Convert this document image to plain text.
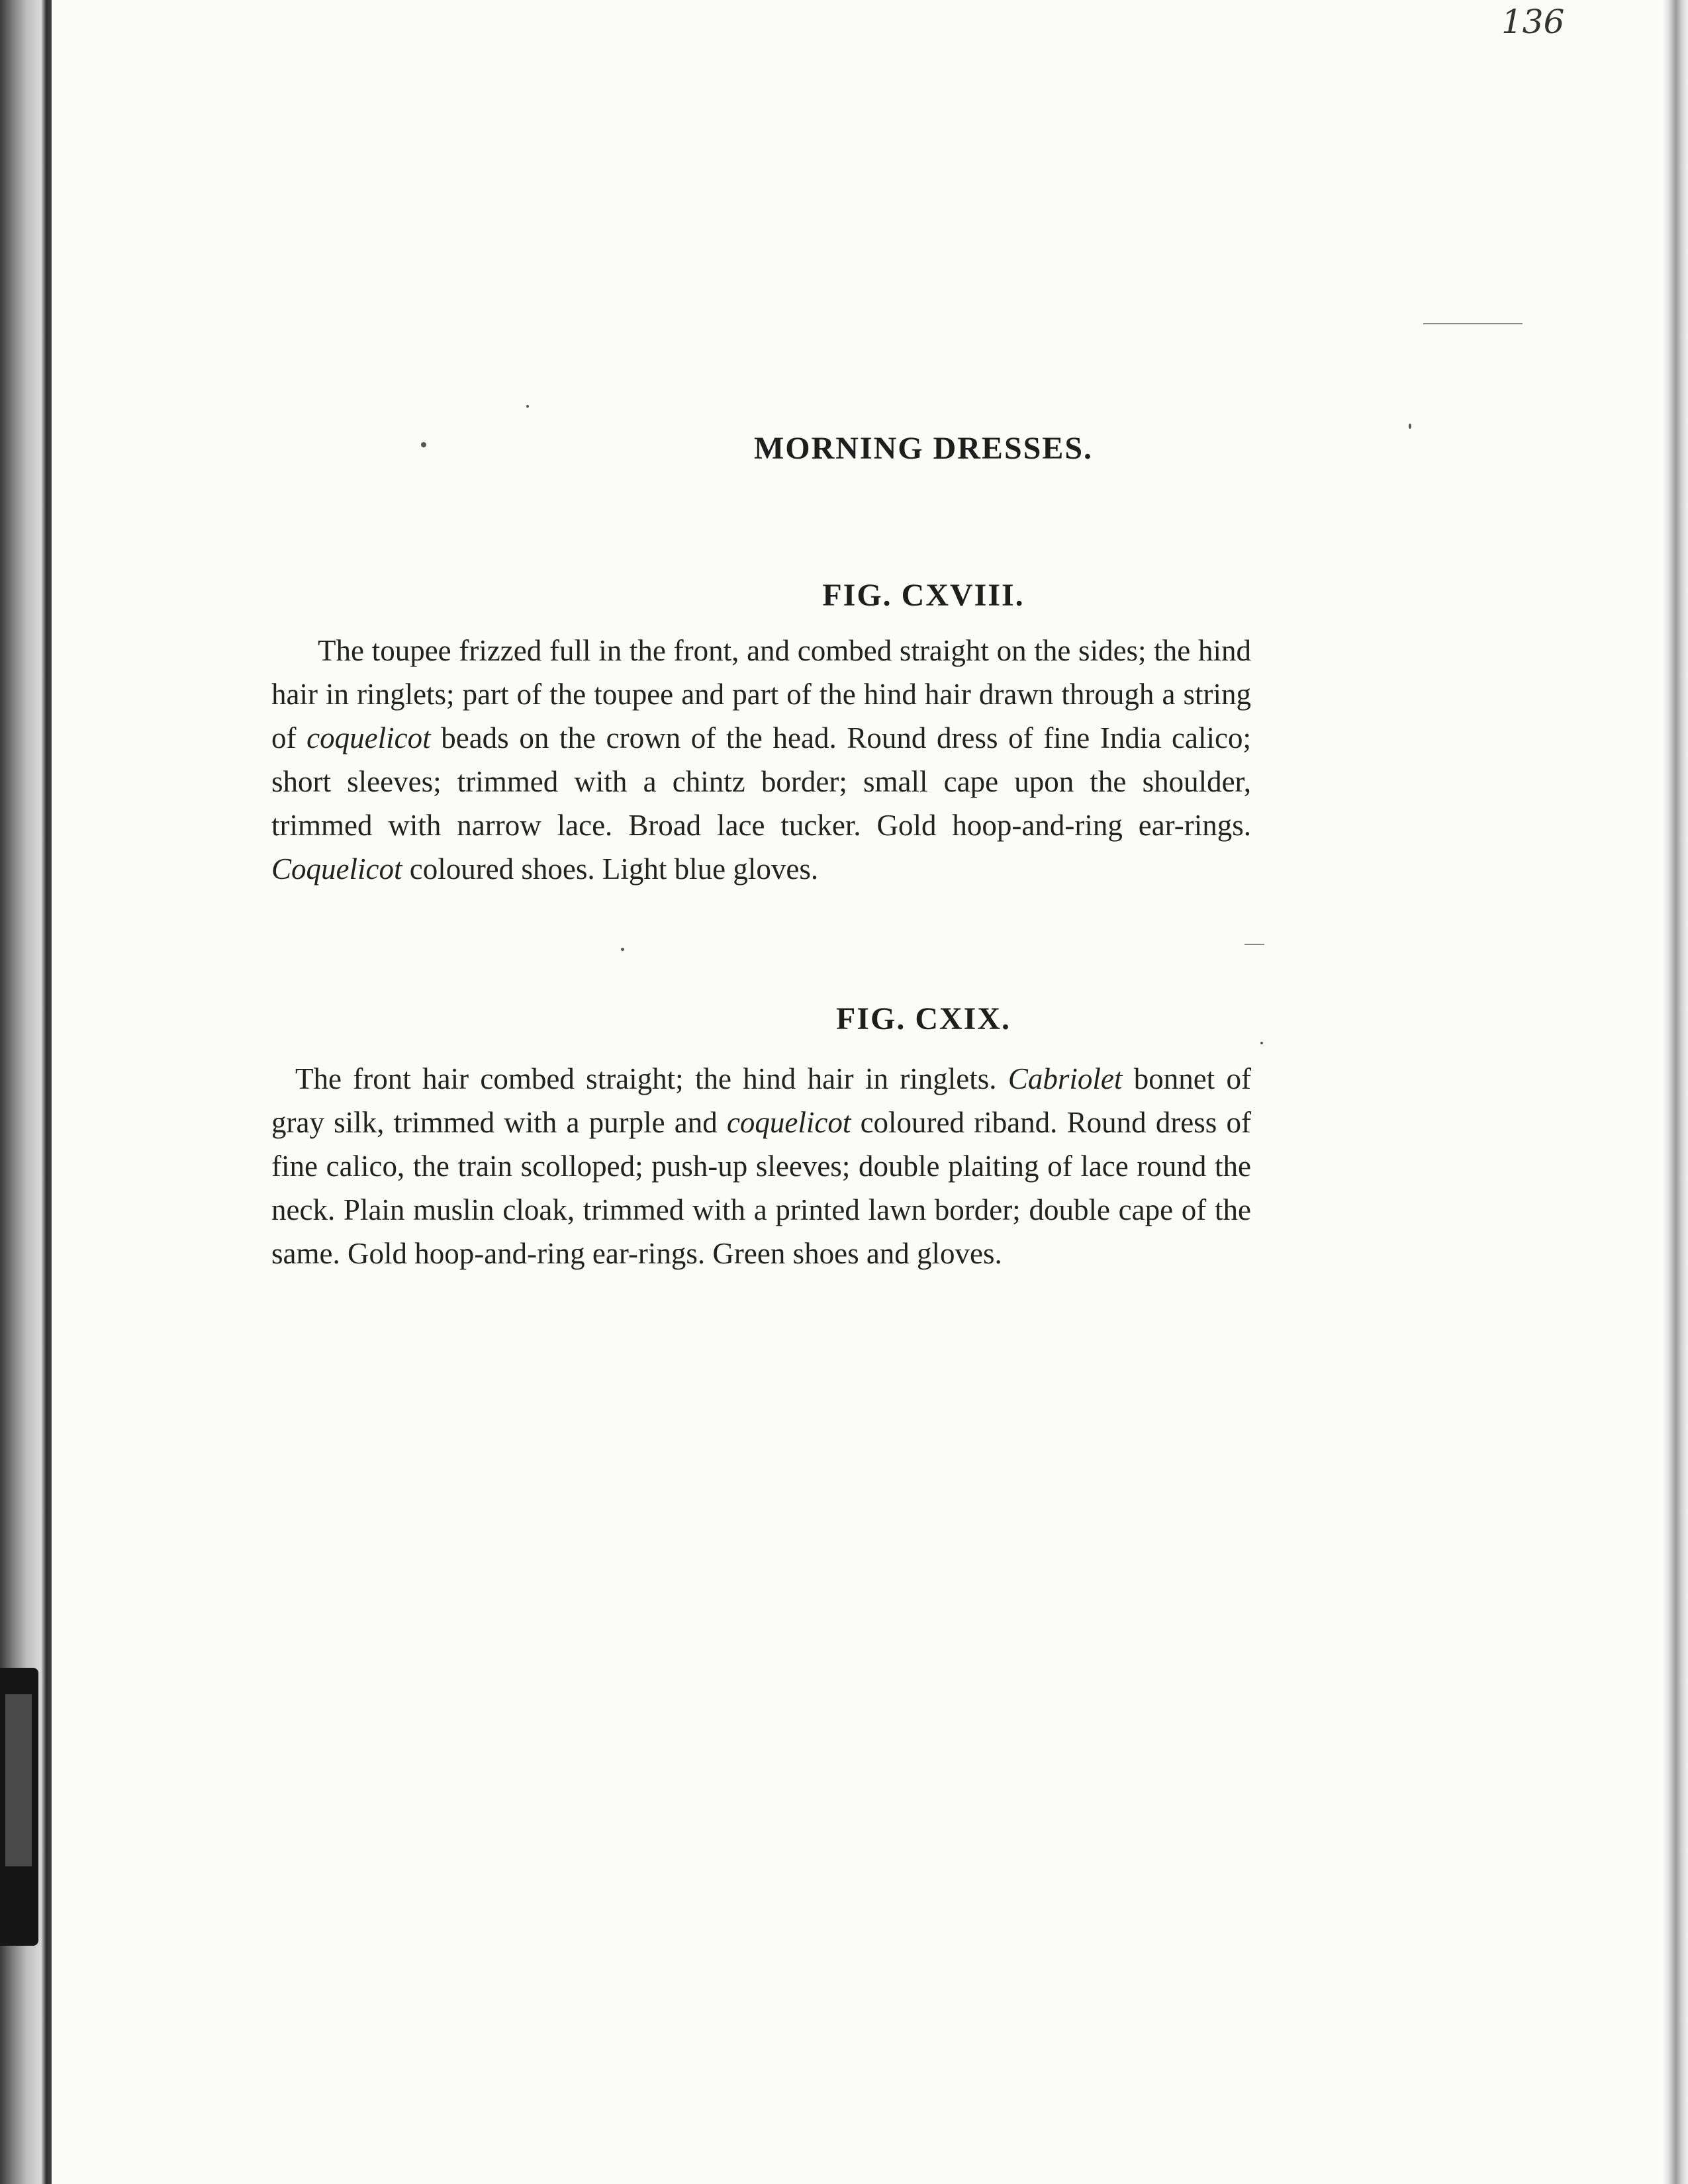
136

MORNING DRESSES.
FIG. CXVIII.

The toupee frizzed full in the front, and combed straight on the sides; the hind hair in ringlets; part of the toupee and part of the hind hair drawn through a string of coquelicot beads on the crown of the head. Round dress of fine India calico; short sleeves; trimmed with a chintz border; small cape upon the shoulder, trimmed with narrow lace. Broad lace tucker. Gold hoop-and-ring ear-rings. Coquelicot coloured shoes. Light blue gloves.

FIG. CXIX.

The front hair combed straight; the hind hair in ringlets. Cabriolet bonnet of gray silk, trimmed with a purple and coquelicot coloured riband. Round dress of fine calico, the train scolloped; push-up sleeves; double plaiting of lace round the neck. Plain muslin cloak, trimmed with a printed lawn border; double cape of the same. Gold hoop-and-ring ear-rings. Green shoes and gloves.
